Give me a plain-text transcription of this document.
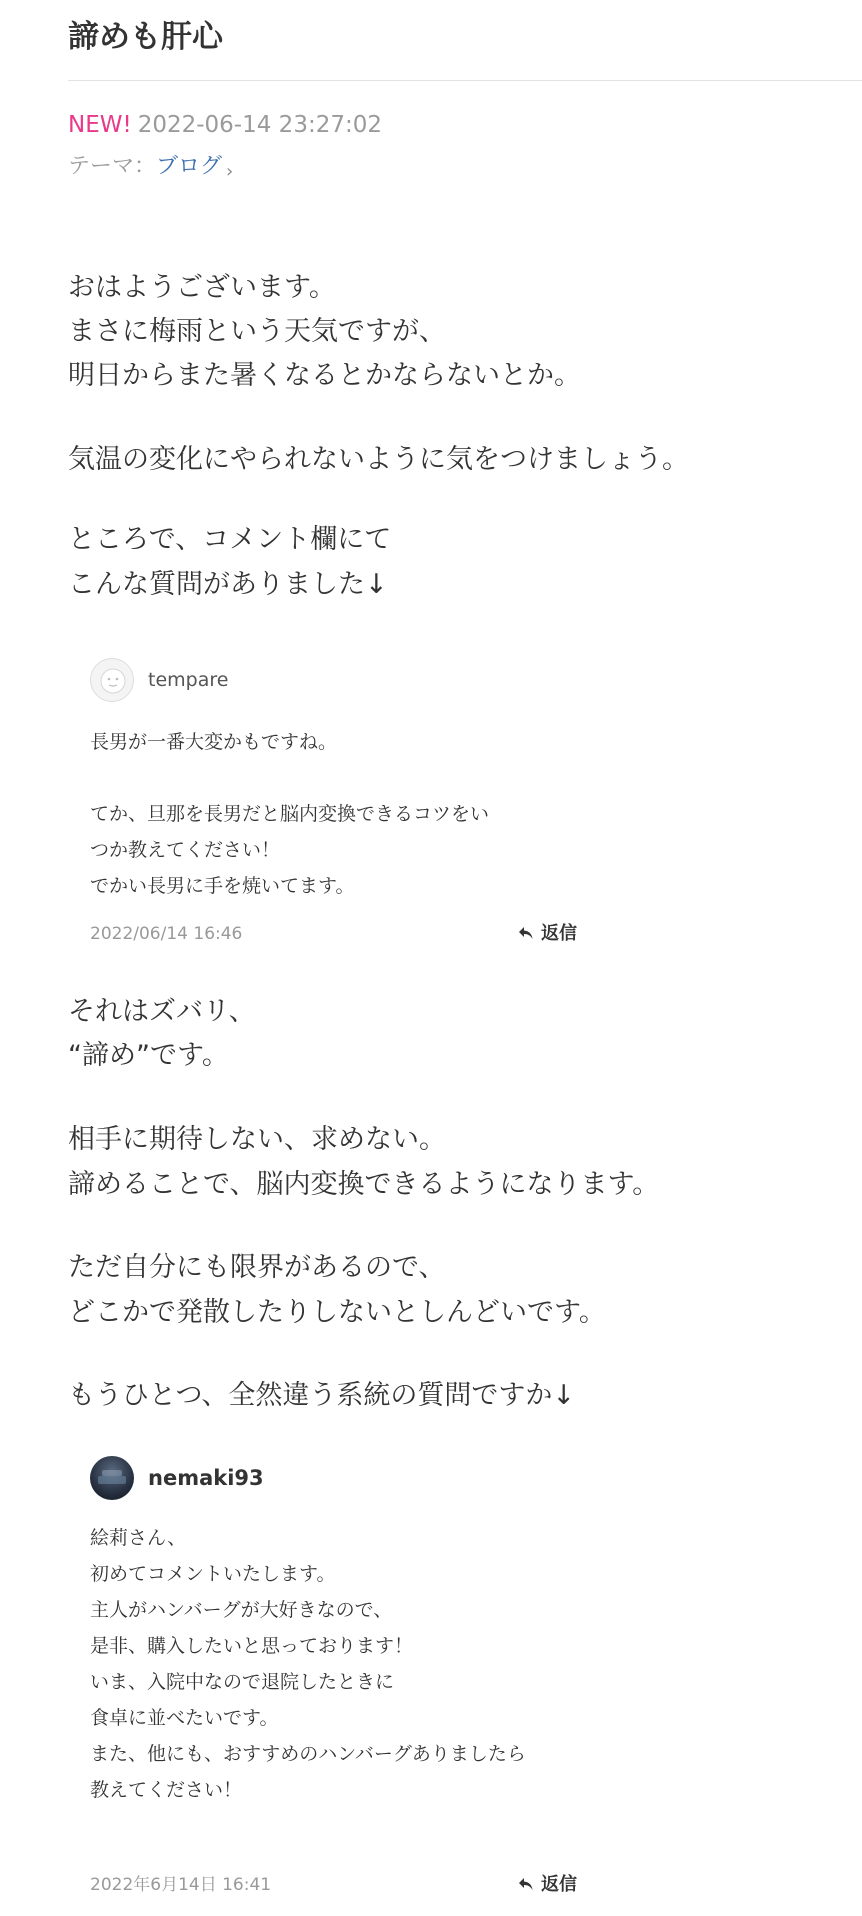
諦めも肝心
NEW! 2022-06-14 23:27:02
テーマ：ブログ ›
おはようございます。
まさに梅雨という天気ですが、
明日からまた暑くなるとかならないとか。
気温の変化にやられないように気をつけましょう。
ところで、コメント欄にて
こんな質問がありました↓
tempare
長男が一番大変かもですね。
てか、旦那を長男だと脳内変換できるコツをい
つか教えてください！
でかい長男に手を焼いてます。
2022/06/14 16:46	返信
それはズバリ、
“諦め”です。
相手に期待しない、求めない。
諦めることで、脳内変換できるようになります。
ただ自分にも限界があるので、
どこかで発散したりしないとしんどいです。
もうひとつ、全然違う系統の質問ですか↓
nemaki93
絵莉さん、
初めてコメントいたします。
主人がハンバーグが大好きなので、
是非、購入したいと思っております！
いま、入院中なので退院したときに
食卓に並べたいです。
また、他にも、おすすめのハンバーグありましたら
教えてください！
2022年6月14日 16:41	返信
